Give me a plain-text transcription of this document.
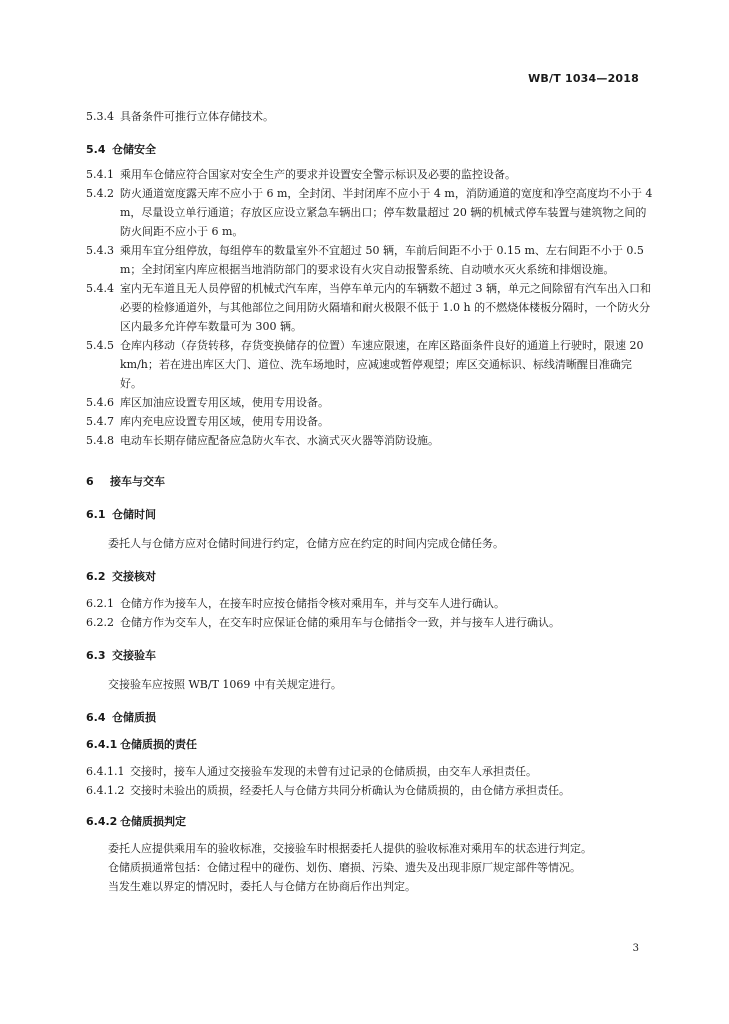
WB/T 1034—2018
5.3.4 具备条件可推行立体存储技术。
5.4 仓储安全
5.4.1 乘用车仓储应符合国家对安全生产的要求并设置安全警示标识及必要的监控设备。
5.4.2 防火通道宽度露天库不应小于 6 m，全封闭、半封闭库不应小于 4 m，消防通道的宽度和净空高度均不小于 4 m，尽量设立单行通道；存放区应设立紧急车辆出口；停车数量超过 20 辆的机械式停车装置与建筑物之间的防火间距不应小于 6 m。
5.4.3 乘用车宜分组停放，每组停车的数量室外不宜超过 50 辆，车前后间距不小于 0.15 m、左右间距不小于 0.5 m；全封闭室内库应根据当地消防部门的要求设有火灾自动报警系统、自动喷水灭火系统和排烟设施。
5.4.4 室内无车道且无人员停留的机械式汽车库，当停车单元内的车辆数不超过 3 辆，单元之间除留有汽车出入口和必要的检修通道外，与其他部位之间用防火隔墙和耐火极限不低于 1.0 h 的不燃烧体楼板分隔时，一个防火分区内最多允许停车数量可为 300 辆。
5.4.5 仓库内移动（存货转移，存货变换储存的位置）车速应限速，在库区路面条件良好的通道上行驶时，限速 20 km/h；若在进出库区大门、道位、洗车场地时，应减速或暂停观望；库区交通标识、标线清晰醒目准确完好。
5.4.6 库区加油应设置专用区域，使用专用设备。
5.4.7 库内充电应设置专用区域，使用专用设备。
5.4.8 电动车长期存储应配备应急防火车衣、水滴式灭火器等消防设施。
6 接车与交车
6.1 仓储时间
委托人与仓储方应对仓储时间进行约定，仓储方应在约定的时间内完成仓储任务。
6.2 交接核对
6.2.1 仓储方作为接车人，在接车时应按仓储指令核对乘用车，并与交车人进行确认。
6.2.2 仓储方作为交车人，在交车时应保证仓储的乘用车与仓储指令一致，并与接车人进行确认。
6.3 交接验车
交接验车应按照 WB/T 1069 中有关规定进行。
6.4 仓储质损
6.4.1 仓储质损的责任
6.4.1.1 交接时，接车人通过交接验车发现的未曾有过记录的仓储质损，由交车人承担责任。
6.4.1.2 交接时未验出的质损，经委托人与仓储方共同分析确认为仓储质损的，由仓储方承担责任。
6.4.2 仓储质损判定
委托人应提供乘用车的验收标准，交接验车时根据委托人提供的验收标准对乘用车的状态进行判定。
仓储质损通常包括：仓储过程中的碰伤、划伤、磨损、污染、遗失及出现非原厂规定部件等情况。
当发生难以界定的情况时，委托人与仓储方在协商后作出判定。
3
